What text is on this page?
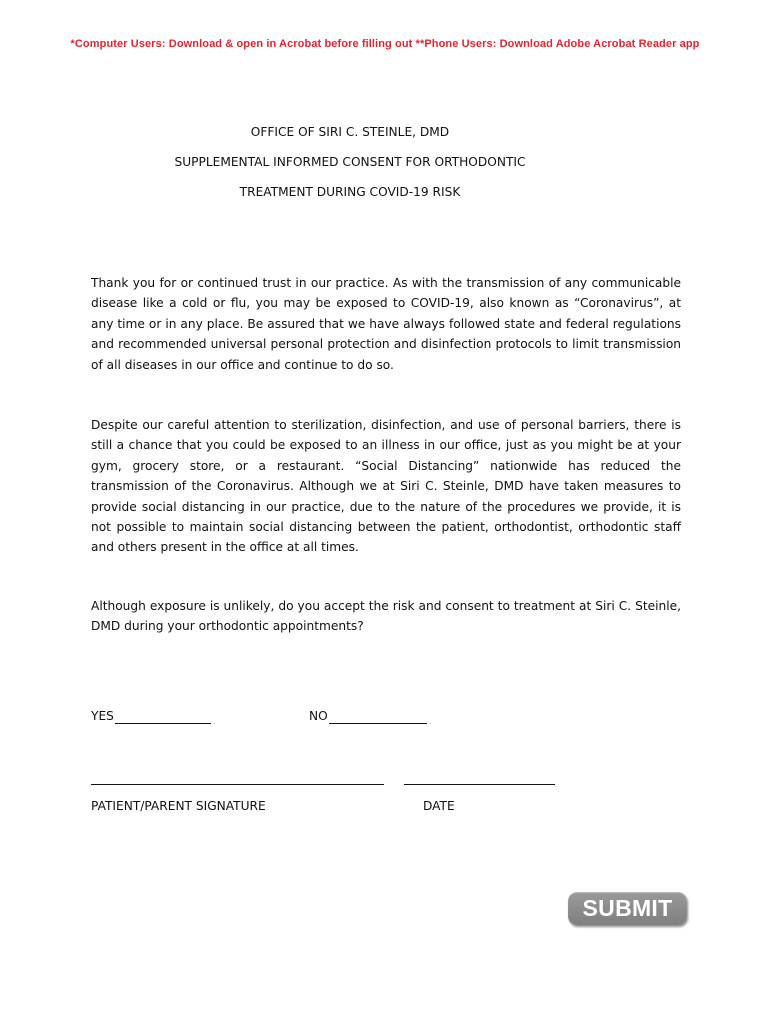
*Computer Users: Download & open in Acrobat before filling out **Phone Users: Download Adobe Acrobat Reader app
OFFICE OF SIRI C. STEINLE, DMD
SUPPLEMENTAL INFORMED CONSENT FOR ORTHODONTIC
TREATMENT DURING COVID-19 RISK
Thank you for or continued trust in our practice. As with the transmission of any communicable disease like a cold or flu, you may be exposed to COVID-19, also known as “Coronavirus”, at any time or in any place. Be assured that we have always followed state and federal regulations and recommended universal personal protection and disinfection protocols to limit transmission of all diseases in our office and continue to do so.
Despite our careful attention to sterilization, disinfection, and use of personal barriers, there is still a chance that you could be exposed to an illness in our office, just as you might be at your gym, grocery store, or a restaurant. “Social Distancing” nationwide has reduced the transmission of the Coronavirus. Although we at Siri C. Steinle, DMD have taken measures to provide social distancing in our practice, due to the nature of the procedures we provide, it is not possible to maintain social distancing between the patient, orthodontist, orthodontic staff and others present in the office at all times.
Although exposure is unlikely, do you accept the risk and consent to treatment at Siri C. Steinle, DMD during your orthodontic appointments?
YES	NO
PATIENT/PARENT SIGNATURE	DATE
SUBMIT
